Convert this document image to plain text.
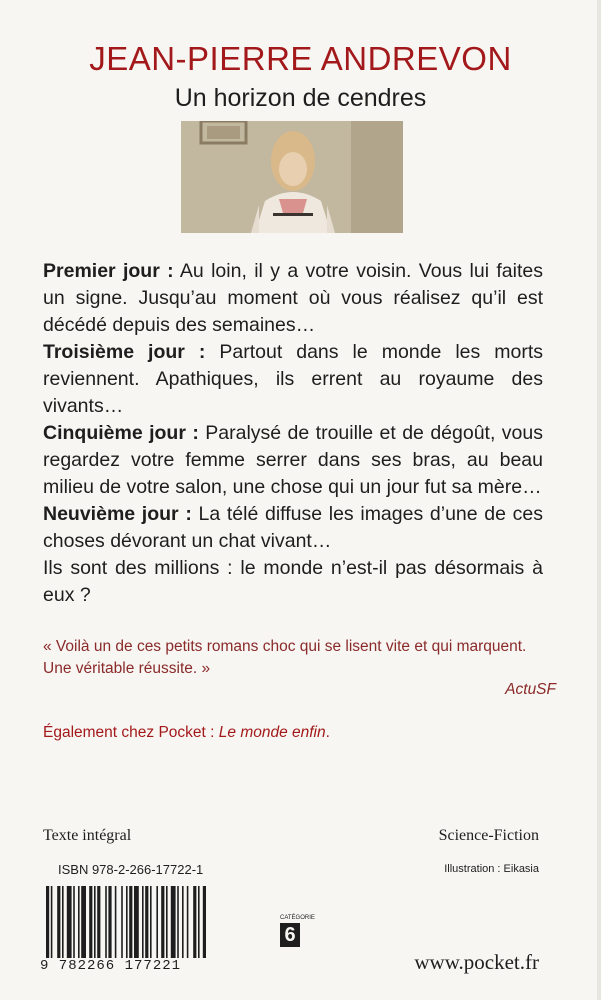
JEAN-PIERRE ANDREVON
Un horizon de cendres

Premier jour : Au loin, il y a votre voisin. Vous lui faites un signe. Jusqu’au moment où vous réalisez qu’il est décédé depuis des semaines…

Troisième jour : Partout dans le monde les morts reviennent. Apathiques, ils errent au royaume des vivants…

Cinquième jour : Paralysé de trouille et de dégoût, vous regardez votre femme serrer dans ses bras, au beau milieu de votre salon, une chose qui un jour fut sa mère…

Neuvième jour : La télé diffuse les images d’une de ces choses dévorant un chat vivant…

Ils sont des millions : le monde n’est-il pas désormais à eux ?

« Voilà un de ces petits romans choc qui se lisent vite et qui marquent. Une véritable réussite. »
ActuSF
Également chez Pocket : Le monde enfin.
Texte intégral	Science-Fiction
ISBN 978-2-266-17722-1	Illustration : Eikasia
9 782266 177221
CATÉGORIE
6
www.pocket.fr
